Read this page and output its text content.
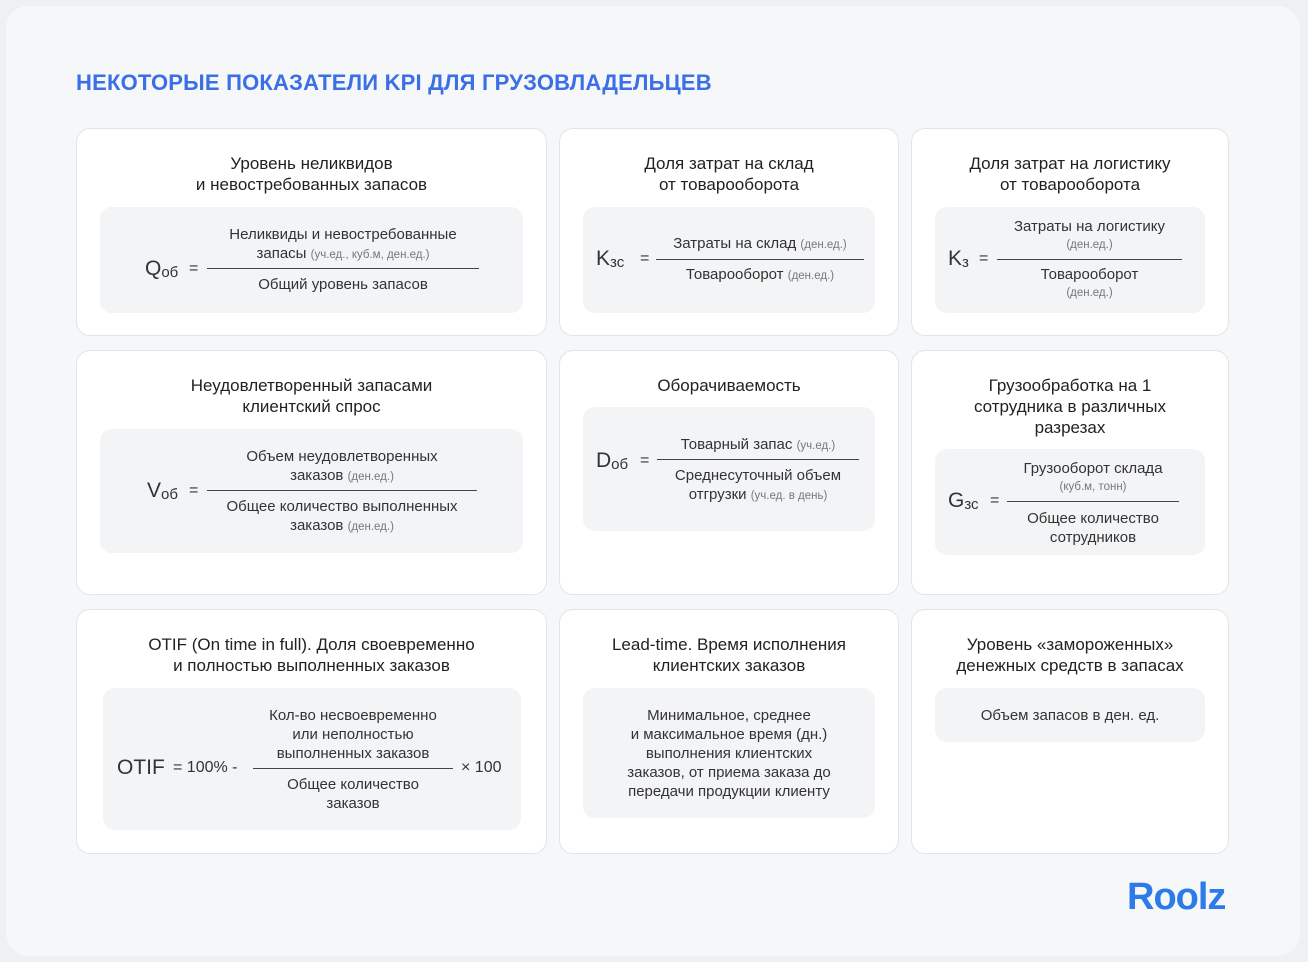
НЕКОТОРЫЕ ПОКАЗАТЕЛИ KPI ДЛЯ ГРУЗОВЛАДЕЛЬЦЕВ
Уровень неликвидов
и невостребованных запасов
$Q_{об}$ =
Неликвиды и невостребованные
запасы (уч.ед., куб.м, ден.ед.)
Общий уровень запасов
Доля затрат на склад
от товарооборота
$K_{зс}$ =
Затраты на склад (ден.ед.)
Товарооборот (ден.ед.)
Доля затрат на логистику
от товарооборота
$K_з$ =
Затраты на логистику
(ден.ед.)
Товарооборот
(ден.ед.)
Неудовлетворенный запасами
клиентский спрос
$V_{об}$ =
Объем неудовлетворенных
заказов (ден.ед.)
Общее количество выполненных
заказов (ден.ед.)
Оборачиваемость
$D_{об}$ =
Товарный запас (уч.ед.)
Среднесуточный объем
отгрузки (уч.ед. в день)
Грузообработка на 1
сотрудника в различных
разрезах
$G_{зс}$ =
Грузооборот склада
(куб.м, тонн)
Общее количество
сотрудников
OTIF (On time in full). Доля своевременно
и полностью выполненных заказов
OTIF = 100% -
Кол-во несвоевременно
или неполностью
выполненных заказов
Общее количество
заказов
× 100
Lead-time. Время исполнения
клиентских заказов
Минимальное, среднее
и максимальное время (дн.)
выполнения клиентских
заказов, от приема заказа до
передачи продукции клиенту
Уровень «замороженных»
денежных средств в запасах
Объем запасов в ден. ед.
Roolz
